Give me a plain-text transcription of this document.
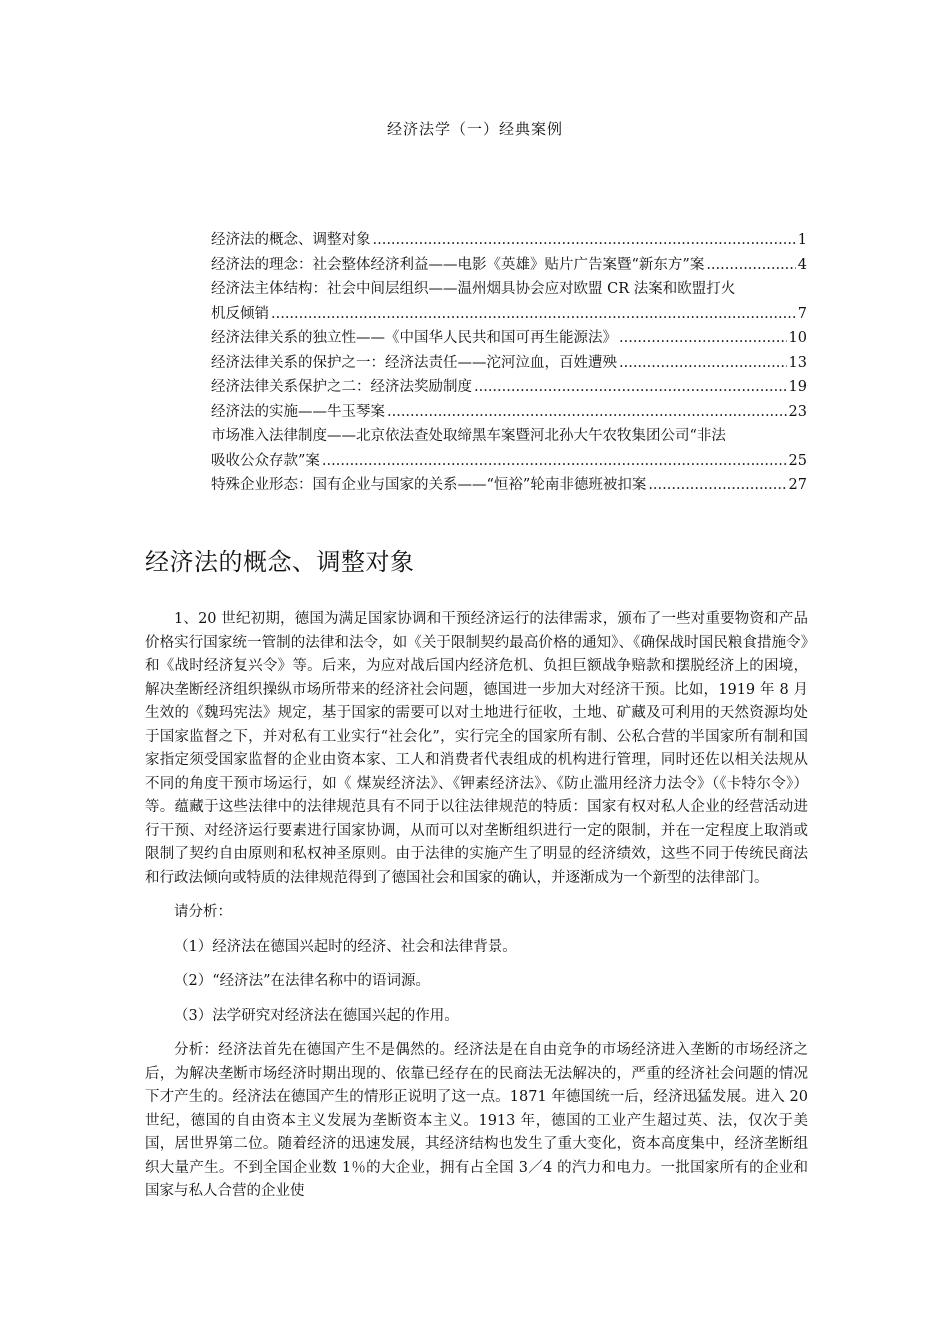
经济法学（一）经典案例
经济法的概念、调整对象 .....	1
经济法的理念：社会整体经济利益——电影《英雄》贴片广告案暨“新东方”案 .....	4
经济法主体结构：社会中间层组织——温州烟具协会应对欧盟 CR 法案和欧盟打火
机反倾销 .....	7
经济法律关系的独立性——《中国华人民共和国可再生能源法》 .....	10
经济法律关系的保护之一：经济法责任——沱河泣血，百姓遭殃 .....	13
经济法律关系保护之二：经济法奖励制度 .....	19
经济法的实施——牛玉琴案 .....	23
市场准入法律制度——北京依法查处取缔黑车案暨河北孙大午农牧集团公司“非法
吸收公众存款”案 .....	25
特殊企业形态：国有企业与国家的关系——“恒裕”轮南非德班被扣案 .....	27
经济法的概念、调整对象

1、20 世纪初期，德国为满足国家协调和干预经济运行的法律需求，颁布了一些对重要物资和产品价格实行国家统一管制的法律和法令，如《关于限制契约最高价格的通知》、《确保战时国民粮食措施令》和《战时经济复兴令》等。后来，为应对战后国内经济危机、负担巨额战争赔款和摆脱经济上的困境，解决垄断经济组织操纵市场所带来的经济社会问题，德国进一步加大对经济干预。比如，1919 年 8 月生效的《魏玛宪法》规定，基于国家的需要可以对土地进行征收，土地、矿藏及可利用的天然资源均处于国家监督之下，并对私有工业实行“社会化”，实行完全的国家所有制、公私合营的半国家所有制和国家指定须受国家监督的企业由资本家、工人和消费者代表组成的机构进行管理，同时还佐以相关法规从不同的角度干预市场运行，如《 煤炭经济法》、《钾素经济法》、《防止滥用经济力法令》（《卡特尔令》）等。蕴藏于这些法律中的法律规范具有不同于以往法律规范的特质：国家有权对私人企业的经营活动进行干预、对经济运行要素进行国家协调，从而可以对垄断组织进行一定的限制，并在一定程度上取消或限制了契约自由原则和私权神圣原则。由于法律的实施产生了明显的经济绩效，这些不同于传统民商法和行政法倾向或特质的法律规范得到了德国社会和国家的确认，并逐渐成为一个新型的法律部门。

请分析：

（1）经济法在德国兴起时的经济、社会和法律背景。

（2）“经济法”在法律名称中的语词源。

（3）法学研究对经济法在德国兴起的作用。

分析：经济法首先在德国产生不是偶然的。经济法是在自由竞争的市场经济进入垄断的市场经济之后，为解决垄断市场经济时期出现的、依靠已经存在的民商法无法解决的，严重的经济社会问题的情况下才产生的。经济法在德国产生的情形正说明了这一点。1871 年德国统一后，经济迅猛发展。进入 20 世纪，德国的自由资本主义发展为垄断资本主义。1913 年，德国的工业产生超过英、法，仅次于美国，居世界第二位。随着经济的迅速发展，其经济结构也发生了重大变化，资本高度集中，经济垄断组织大量产生。不到全国企业数 1％的大企业，拥有占全国 3／4 的汽力和电力。一批国家所有的企业和国家与私人合营的企业使
